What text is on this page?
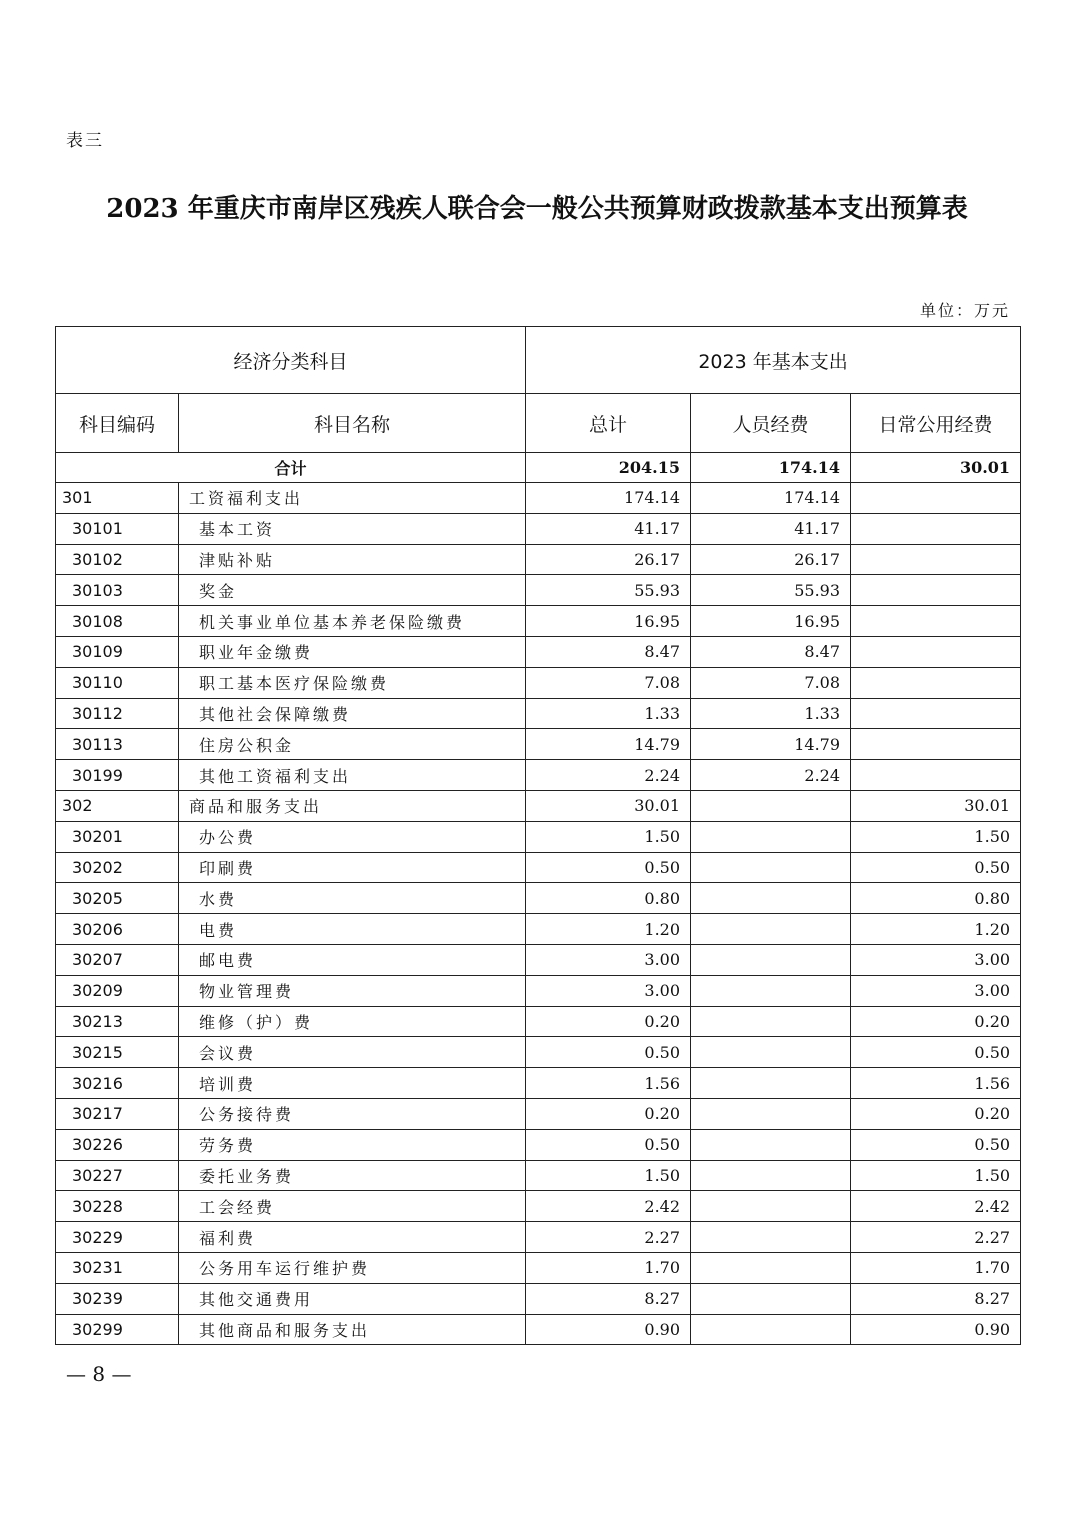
表三
2023 年重庆市南岸区残疾人联合会一般公共预算财政拨款基本支出预算表
单位：万元
经济分类科目		2023 年基本支出		
科目编码	科目名称	总计	人员经费	日常公用经费
合计		204.15	174.14	30.01
301	工资福利支出	174.14	174.14	
30101	基本工资	41.17	41.17	
30102	津贴补贴	26.17	26.17	
30103	奖金	55.93	55.93	
30108	机关事业单位基本养老保险缴费	16.95	16.95	
30109	职业年金缴费	8.47	8.47	
30110	职工基本医疗保险缴费	7.08	7.08	
30112	其他社会保障缴费	1.33	1.33	
30113	住房公积金	14.79	14.79	
30199	其他工资福利支出	2.24	2.24	
302	商品和服务支出	30.01		30.01
30201	办公费	1.50		1.50
30202	印刷费	0.50		0.50
30205	水费	0.80		0.80
30206	电费	1.20		1.20
30207	邮电费	3.00		3.00
30209	物业管理费	3.00		3.00
30213	维修（护）费	0.20		0.20
30215	会议费	0.50		0.50
30216	培训费	1.56		1.56
30217	公务接待费	0.20		0.20
30226	劳务费	0.50		0.50
30227	委托业务费	1.50		1.50
30228	工会经费	2.42		2.42
30229	福利费	2.27		2.27
30231	公务用车运行维护费	1.70		1.70
30239	其他交通费用	8.27		8.27
30299	其他商品和服务支出	0.90		0.90
— 8 —
